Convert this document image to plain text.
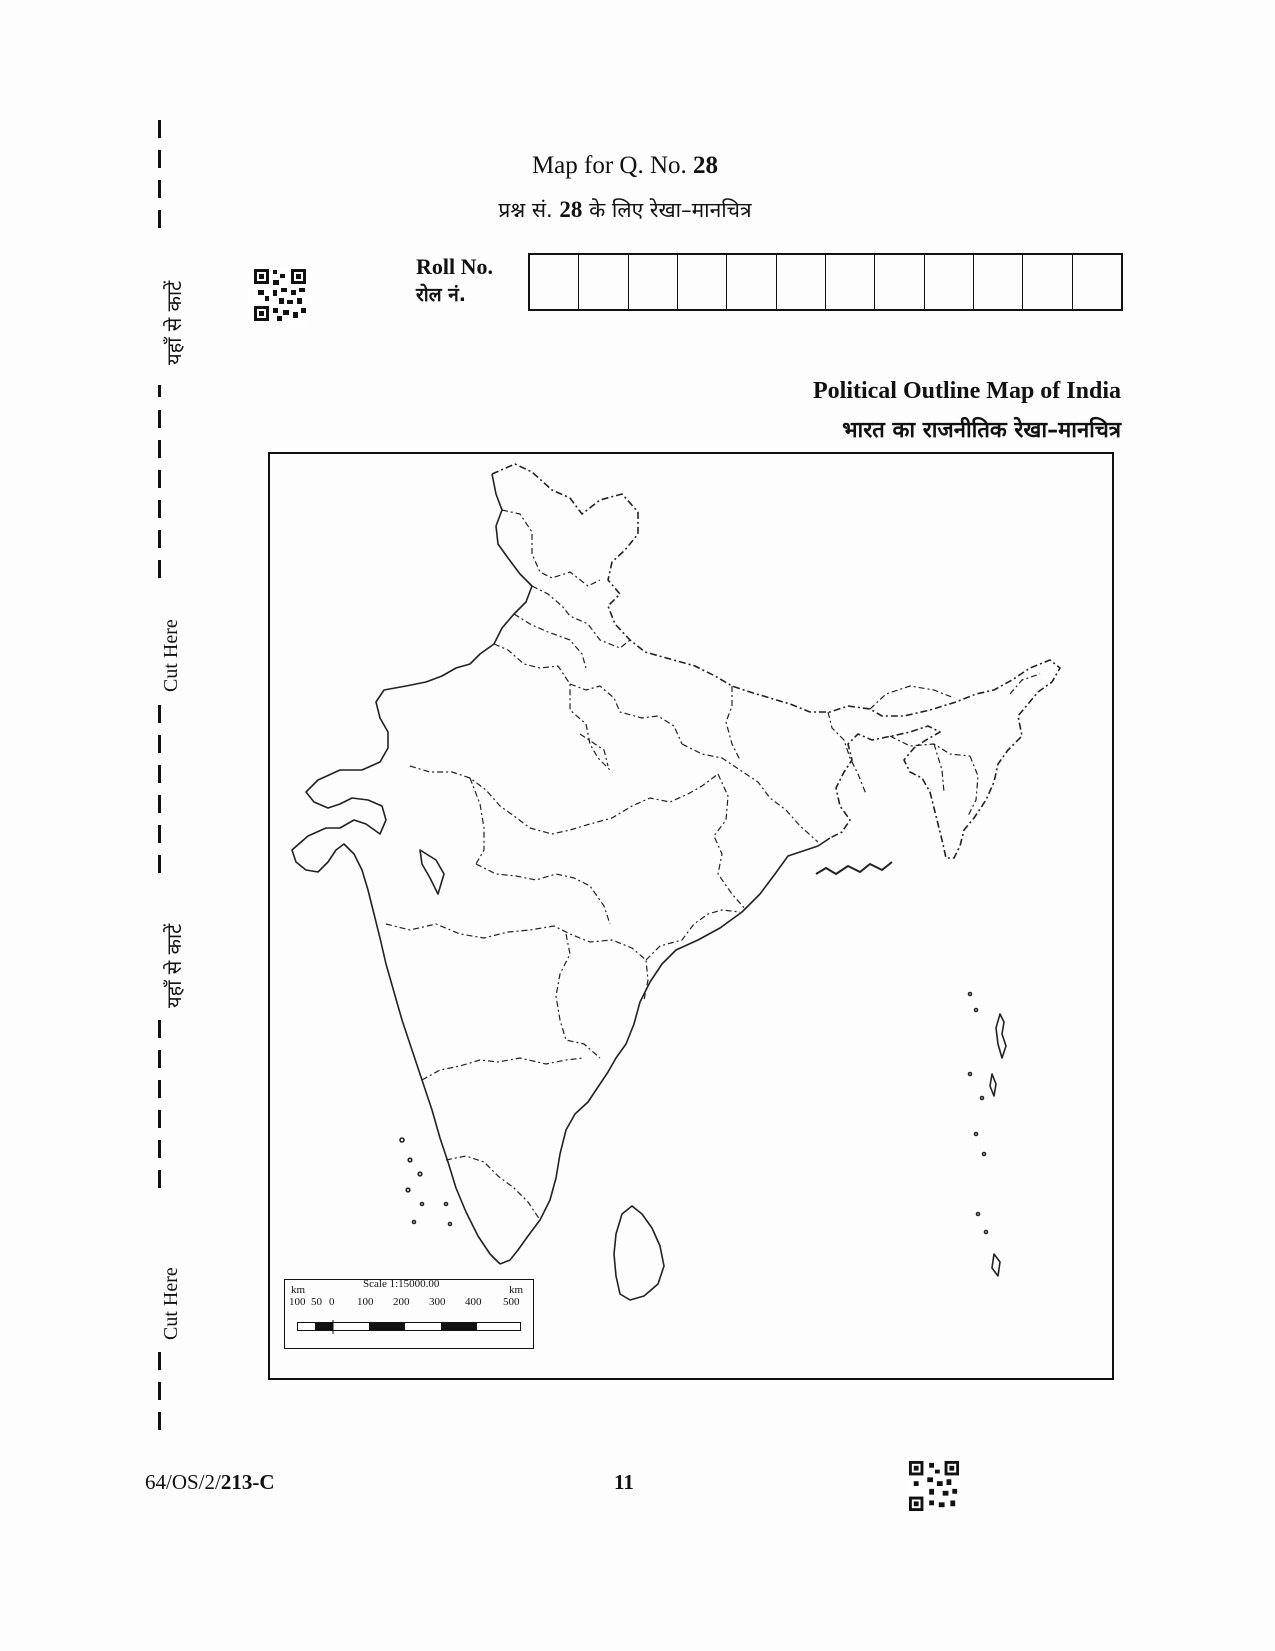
यहाँ से काटें
Cut Here
यहाँ से काटें
Cut Here
Map for Q. No. 28
प्रश्न सं. 28 के लिए रेखा–मानचित्र
Roll No.
रोल नं.
Political Outline Map of India
भारत का राजनीतिक रेखा–मानचित्र
km	Scale 1:15000.00	km
100 50 0 100 200 300 400 500
64/OS/2/213-C	11
